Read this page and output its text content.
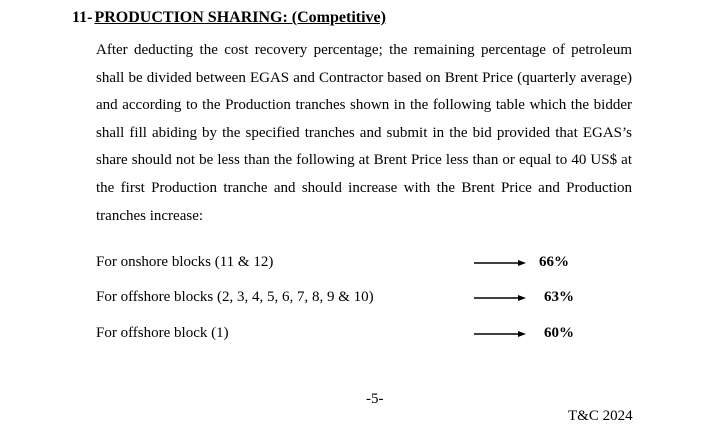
11- PRODUCTION SHARING: (Competitive)

After deducting the cost recovery percentage; the remaining percentage of petroleum shall be divided between EGAS and Contractor based on Brent Price (quarterly average) and according to the Production tranches shown in the following table which the bidder shall fill abiding by the specified tranches and submit in the bid provided that EGAS’s share should not be less than the following at Brent Price less than or equal to 40 US$ at the first Production tranche and should increase with the Brent Price and Production tranches increase:

For onshore blocks (11 & 12)	66%
For offshore blocks (2, 3, 4, 5, 6, 7, 8, 9 & 10)	63%
For offshore block (1)	60%
-5-
T&C 2024
